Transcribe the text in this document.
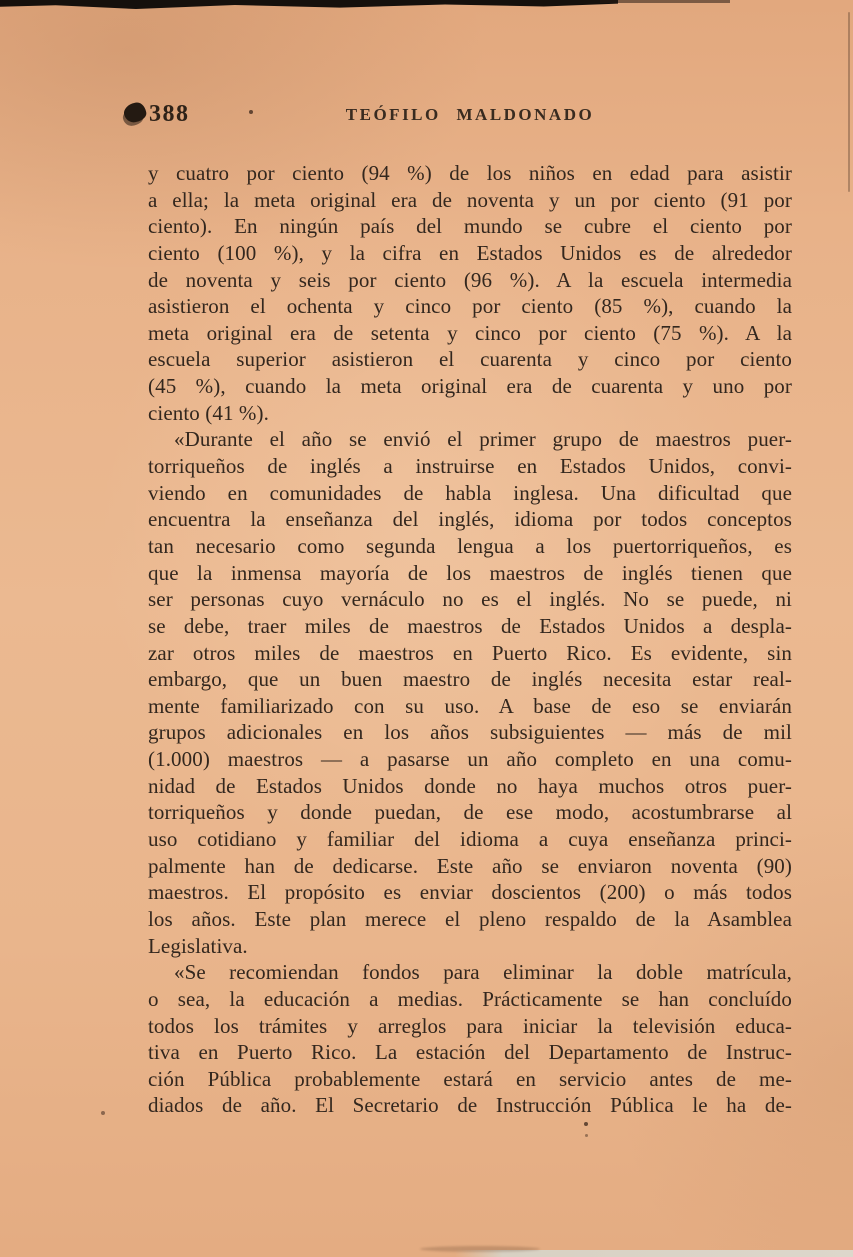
388	TEÓFILO MALDONADO
y cuatro por ciento (94 %) de los niños en edad para asistir
a ella; la meta original era de noventa y un por ciento (91 por
ciento). En ningún país del mundo se cubre el ciento por
ciento (100 %), y la cifra en Estados Unidos es de alrededor
de noventa y seis por ciento (96 %). A la escuela intermedia
asistieron el ochenta y cinco por ciento (85 %), cuando la
meta original era de setenta y cinco por ciento (75 %). A la
escuela superior asistieron el cuarenta y cinco por ciento
(45 %), cuando la meta original era de cuarenta y uno por
ciento (41 %).
«Durante el año se envió el primer grupo de maestros puer-
torriqueños de inglés a instruirse en Estados Unidos, convi-
viendo en comunidades de habla inglesa. Una dificultad que
encuentra la enseñanza del inglés, idioma por todos conceptos
tan necesario como segunda lengua a los puertorriqueños, es
que la inmensa mayoría de los maestros de inglés tienen que
ser personas cuyo vernáculo no es el inglés. No se puede, ni
se debe, traer miles de maestros de Estados Unidos a despla-
zar otros miles de maestros en Puerto Rico. Es evidente, sin
embargo, que un buen maestro de inglés necesita estar real-
mente familiarizado con su uso. A base de eso se enviarán
grupos adicionales en los años subsiguientes — más de mil
(1.000) maestros — a pasarse un año completo en una comu-
nidad de Estados Unidos donde no haya muchos otros puer-
torriqueños y donde puedan, de ese modo, acostumbrarse al
uso cotidiano y familiar del idioma a cuya enseñanza princi-
palmente han de dedicarse. Este año se enviaron noventa (90)
maestros. El propósito es enviar doscientos (200) o más todos
los años. Este plan merece el pleno respaldo de la Asamblea
Legislativa.
«Se recomiendan fondos para eliminar la doble matrícula,
o sea, la educación a medias. Prácticamente se han concluído
todos los trámites y arreglos para iniciar la televisión educa-
tiva en Puerto Rico. La estación del Departamento de Instruc-
ción Pública probablemente estará en servicio antes de me-
diados de año. El Secretario de Instrucción Pública le ha de-
